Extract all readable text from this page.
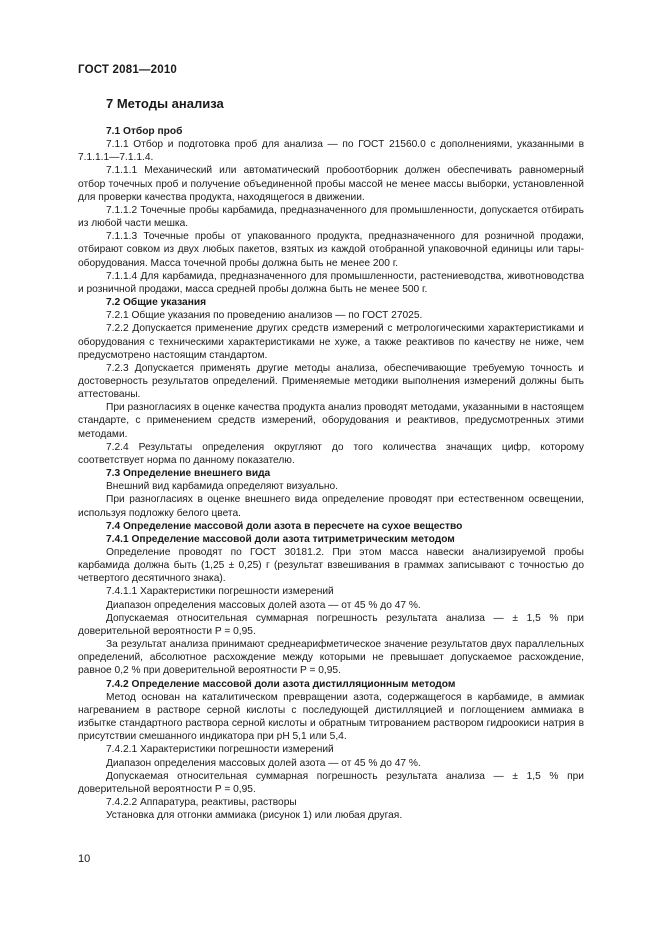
ГОСТ 2081—2010
7 Методы анализа
7.1 Отбор проб
7.1.1 Отбор и подготовка проб для анализа — по ГОСТ 21560.0 с дополнениями, указанными в 7.1.1.1—7.1.1.4.
7.1.1.1 Механический или автоматический пробоотборник должен обеспечивать равномерный отбор точечных проб и получение объединенной пробы массой не менее массы выборки, установленной для проверки качества продукта, находящегося в движении.
7.1.1.2 Точечные пробы карбамида, предназначенного для промышленности, допускается отбирать из любой части мешка.
7.1.1.3 Точечные пробы от упакованного продукта, предназначенного для розничной продажи, отбирают совком из двух любых пакетов, взятых из каждой отобранной упаковочной единицы или тары-оборудования. Масса точечной пробы должна быть не менее 200 г.
7.1.1.4 Для карбамида, предназначенного для промышленности, растениеводства, животноводства и розничной продажи, масса средней пробы должна быть не менее 500 г.
7.2 Общие указания
7.2.1 Общие указания по проведению анализов — по ГОСТ 27025.
7.2.2 Допускается применение других средств измерений с метрологическими характеристиками и оборудования с техническими характеристиками не хуже, а также реактивов по качеству не ниже, чем предусмотрено настоящим стандартом.
7.2.3 Допускается применять другие методы анализа, обеспечивающие требуемую точность и достоверность результатов определений. Применяемые методики выполнения измерений должны быть аттестованы.
При разногласиях в оценке качества продукта анализ проводят методами, указанными в настоящем стандарте, с применением средств измерений, оборудования и реактивов, предусмотренных этими методами.
7.2.4 Результаты определения округляют до того количества значащих цифр, которому соответствует норма по данному показателю.
7.3 Определение внешнего вида
Внешний вид карбамида определяют визуально.
При разногласиях в оценке внешнего вида определение проводят при естественном освещении, используя подложку белого цвета.
7.4 Определение массовой доли азота в пересчете на сухое вещество
7.4.1 Определение массовой доли азота титриметрическим методом
Определение проводят по ГОСТ 30181.2. При этом масса навески анализируемой пробы карбамида должна быть (1,25 ± 0,25) г (результат взвешивания в граммах записывают с точностью до четвертого десятичного знака).
7.4.1.1 Характеристики погрешности измерений
Диапазон определения массовых долей азота — от 45 % до 47 %.
Допускаемая относительная суммарная погрешность результата анализа — ± 1,5 % при доверительной вероятности P = 0,95.
За результат анализа принимают среднеарифметическое значение результатов двух параллельных определений, абсолютное расхождение между которыми не превышает допускаемое расхождение, равное 0,2 % при доверительной вероятности P = 0,95.
7.4.2 Определение массовой доли азота дистилляционным методом
Метод основан на каталитическом превращении азота, содержащегося в карбамиде, в аммиак нагреванием в растворе серной кислоты с последующей дистилляцией и поглощением аммиака в избытке стандартного раствора серной кислоты и обратным титрованием раствором гидроокиси натрия в присутствии смешанного индикатора при pH 5,1 или 5,4.
7.4.2.1 Характеристики погрешности измерений
Диапазон определения массовых долей азота — от 45 % до 47 %.
Допускаемая относительная суммарная погрешность результата анализа — ± 1,5 % при доверительной вероятности P = 0,95.
7.4.2.2 Аппаратура, реактивы, растворы
Установка для отгонки аммиака (рисунок 1) или любая другая.
10
